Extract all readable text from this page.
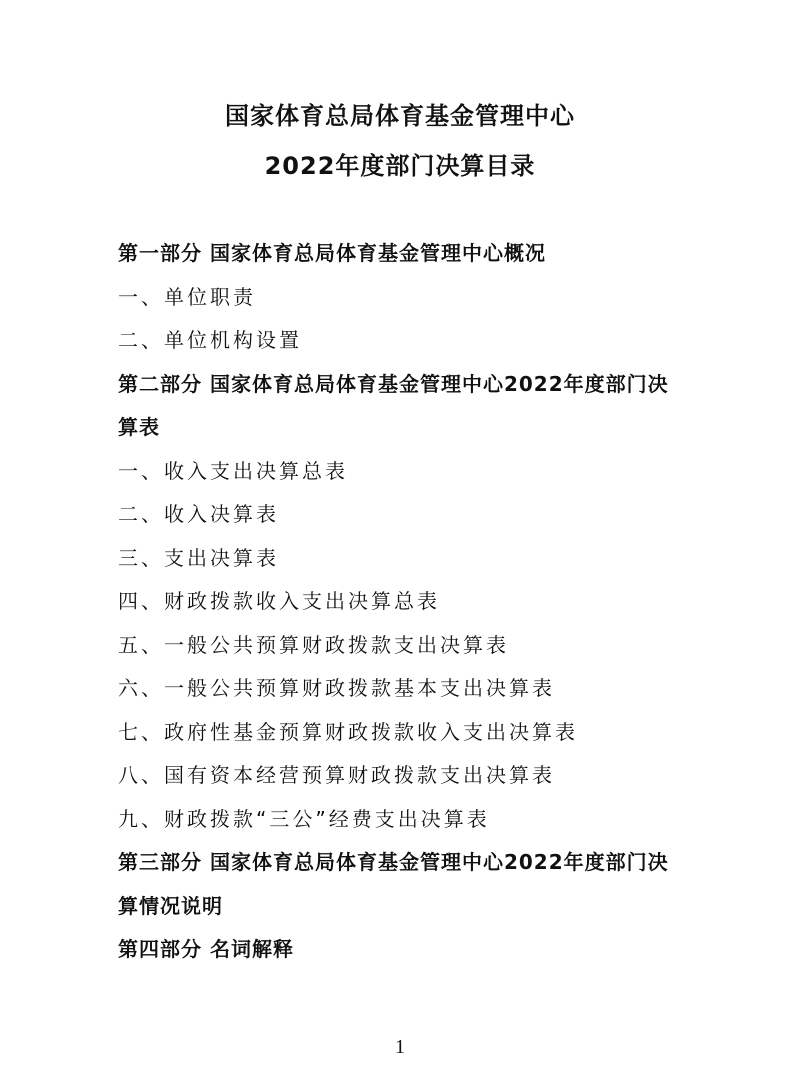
国家体育总局体育基金管理中心
2022年度部门决算目录
第一部分 国家体育总局体育基金管理中心概况
一、单位职责
二、单位机构设置
第二部分 国家体育总局体育基金管理中心2022年度部门决
算表
一、收入支出决算总表
二、收入决算表
三、支出决算表
四、财政拨款收入支出决算总表
五、一般公共预算财政拨款支出决算表
六、一般公共预算财政拨款基本支出决算表
七、政府性基金预算财政拨款收入支出决算表
八、国有资本经营预算财政拨款支出决算表
九、财政拨款“三公”经费支出决算表
第三部分 国家体育总局体育基金管理中心2022年度部门决
算情况说明
第四部分 名词解释
1
